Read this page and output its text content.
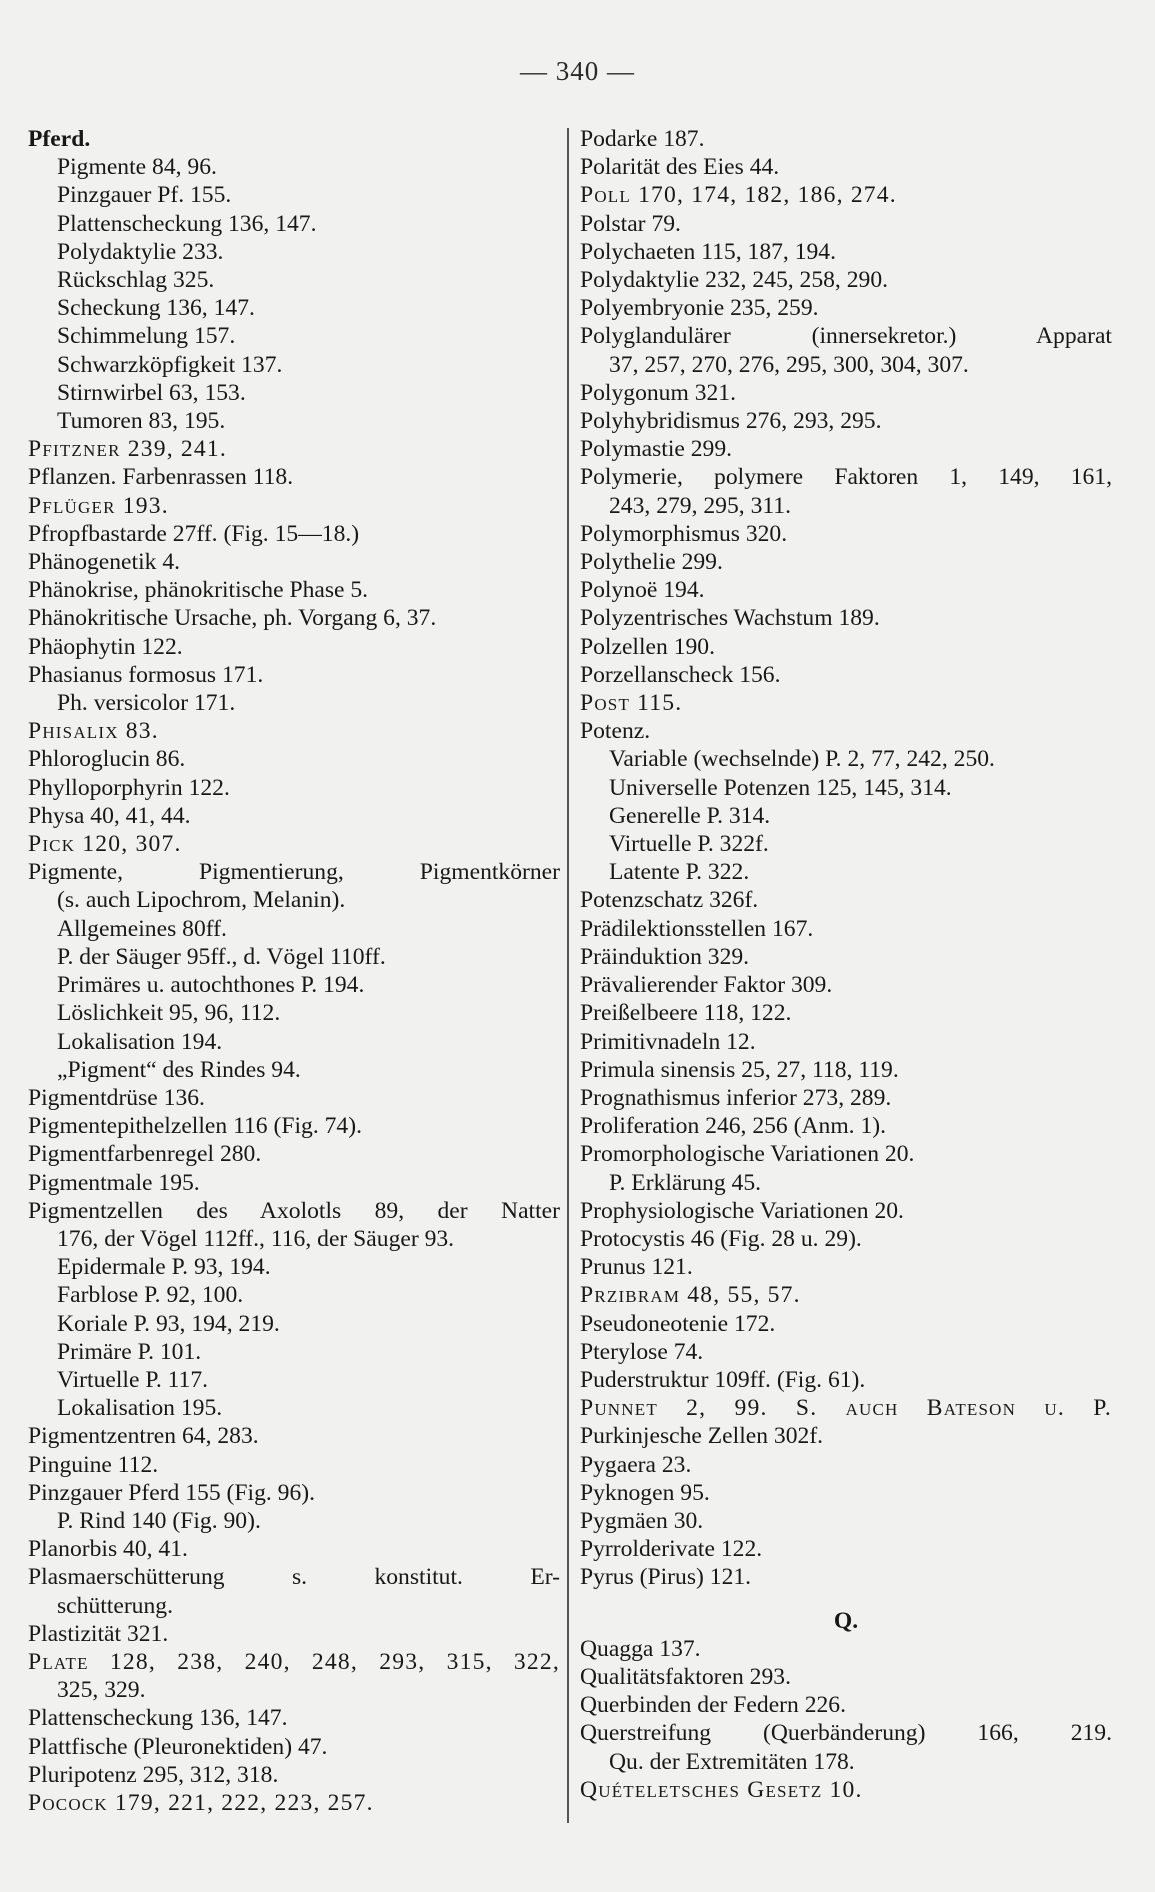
— 340 —
Pferd.
Pigmente 84, 96.
Pinzgauer Pf. 155.
Plattenscheckung 136, 147.
Polydaktylie 233.
Rückschlag 325.
Scheckung 136, 147.
Schimmelung 157.
Schwarzköpfigkeit 137.
Stirnwirbel 63, 153.
Tumoren 83, 195.
Pfitzner 239, 241.
Pflanzen. Farbenrassen 118.
Pflüger 193.
Pfropfbastarde 27ff. (Fig. 15—18.)
Phänogenetik 4.
Phänokrise, phänokritische Phase 5.
Phänokritische Ursache, ph. Vorgang 6, 37.
Phäophytin 122.
Phasianus formosus 171.
Ph. versicolor 171.
Phisalix 83.
Phloroglucin 86.
Phylloporphyrin 122.
Physa 40, 41, 44.
Pick 120, 307.
Pigmente, Pigmentierung, Pigmentkörner
(s. auch Lipochrom, Melanin).
Allgemeines 80ff.
P. der Säuger 95ff., d. Vögel 110ff.
Primäres u. autochthones P. 194.
Löslichkeit 95, 96, 112.
Lokalisation 194.
„Pigment“ des Rindes 94.
Pigmentdrüse 136.
Pigmentepithelzellen 116 (Fig. 74).
Pigmentfarbenregel 280.
Pigmentmale 195.
Pigmentzellen des Axolotls 89, der Natter
176, der Vögel 112ff., 116, der Säuger 93.
Epidermale P. 93, 194.
Farblose P. 92, 100.
Koriale P. 93, 194, 219.
Primäre P. 101.
Virtuelle P. 117.
Lokalisation 195.
Pigmentzentren 64, 283.
Pinguine 112.
Pinzgauer Pferd 155 (Fig. 96).
P. Rind 140 (Fig. 90).
Planorbis 40, 41.
Plasmaerschütterung s. konstitut. Er-
schütterung.
Plastizität 321.
Plate 128, 238, 240, 248, 293, 315, 322,
325, 329.
Plattenscheckung 136, 147.
Plattfische (Pleuronektiden) 47.
Pluripotenz 295, 312, 318.
Pocock 179, 221, 222, 223, 257.
Podarke 187.
Polarität des Eies 44.
Poll 170, 174, 182, 186, 274.
Polstar 79.
Polychaeten 115, 187, 194.
Polydaktylie 232, 245, 258, 290.
Polyembryonie 235, 259.
Polyglandulärer (innersekretor.) Apparat
37, 257, 270, 276, 295, 300, 304, 307.
Polygonum 321.
Polyhybridismus 276, 293, 295.
Polymastie 299.
Polymerie, polymere Faktoren 1, 149, 161,
243, 279, 295, 311.
Polymorphismus 320.
Polythelie 299.
Polynoë 194.
Polyzentrisches Wachstum 189.
Polzellen 190.
Porzellanscheck 156.
Post 115.
Potenz.
Variable (wechselnde) P. 2, 77, 242, 250.
Universelle Potenzen 125, 145, 314.
Generelle P. 314.
Virtuelle P. 322f.
Latente P. 322.
Potenzschatz 326f.
Prädilektionsstellen 167.
Präinduktion 329.
Prävalierender Faktor 309.
Preißelbeere 118, 122.
Primitivnadeln 12.
Primula sinensis 25, 27, 118, 119.
Prognathismus inferior 273, 289.
Proliferation 246, 256 (Anm. 1).
Promorphologische Variationen 20.
P. Erklärung 45.
Prophysiologische Variationen 20.
Protocystis 46 (Fig. 28 u. 29).
Prunus 121.
Przibram 48, 55, 57.
Pseudoneotenie 172.
Pterylose 74.
Puderstruktur 109ff. (Fig. 61).
Punnet 2, 99. S. auch Bateson u. P.
Purkinjesche Zellen 302f.
Pygaera 23.
Pyknogen 95.
Pygmäen 30.
Pyrrolderivate 122.
Pyrus (Pirus) 121.
Q.
Quagga 137.
Qualitätsfaktoren 293.
Querbinden der Federn 226.
Querstreifung (Querbänderung) 166, 219.
Qu. der Extremitäten 178.
Quételetsches Gesetz 10.
